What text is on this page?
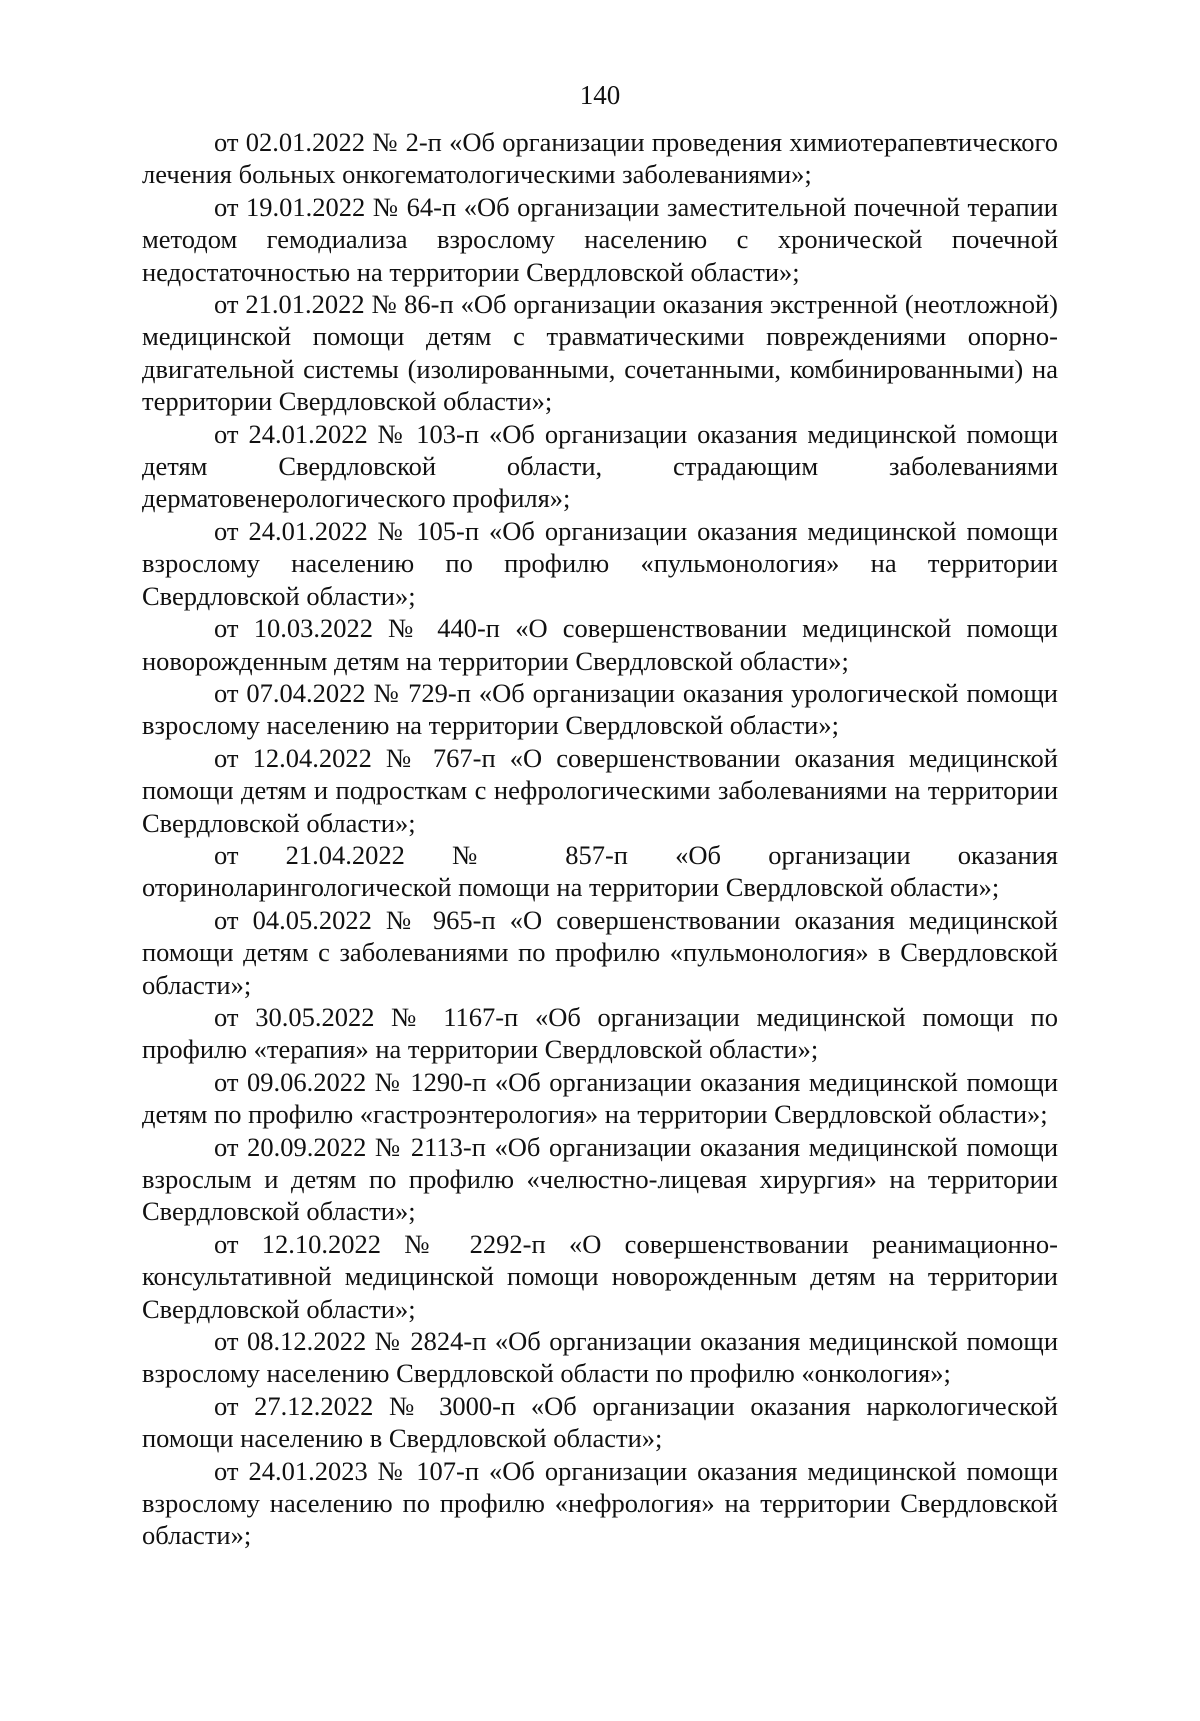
140

от 02.01.2022 № 2-п «Об организации проведения химиотерапевтического лечения больных онкогематологическими заболеваниями»;

от 19.01.2022 № 64-п «Об организации заместительной почечной терапии методом гемодиализа взрослому населению с хронической почечной недостаточностью на территории Свердловской области»;

от 21.01.2022 № 86-п «Об организации оказания экстренной (неотложной) медицинской помощи детям с травматическими повреждениями опорно-двигательной системы (изолированными, сочетанными, комбинированными) на территории Свердловской области»;

от 24.01.2022 № 103-п «Об организации оказания медицинской помощи детям Свердловской области, страдающим заболеваниями дерматовенерологического профиля»;

от 24.01.2022 № 105-п «Об организации оказания медицинской помощи взрослому населению по профилю «пульмонология» на территории Свердловской области»;

от 10.03.2022 № 440-п «О совершенствовании медицинской помощи новорожденным детям на территории Свердловской области»;

от 07.04.2022 № 729-п «Об организации оказания урологической помощи взрослому населению на территории Свердловской области»;

от 12.04.2022 № 767-п «О совершенствовании оказания медицинской помощи детям и подросткам с нефрологическими заболеваниями на территории Свердловской области»;

от 21.04.2022 № 857-п «Об организации оказания оториноларингологической помощи на территории Свердловской области»;

от 04.05.2022 № 965-п «О совершенствовании оказания медицинской помощи детям с заболеваниями по профилю «пульмонология» в Свердловской области»;

от 30.05.2022 № 1167-п «Об организации медицинской помощи по профилю «терапия» на территории Свердловской области»;

от 09.06.2022 № 1290-п «Об организации оказания медицинской помощи детям по профилю «гастроэнтерология» на территории Свердловской области»;

от 20.09.2022 № 2113-п «Об организации оказания медицинской помощи взрослым и детям по профилю «челюстно-лицевая хирургия» на территории Свердловской области»;

от 12.10.2022 № 2292-п «О совершенствовании реанимационно-консультативной медицинской помощи новорожденным детям на территории Свердловской области»;

от 08.12.2022 № 2824-п «Об организации оказания медицинской помощи взрослому населению Свердловской области по профилю «онкология»;

от 27.12.2022 № 3000-п «Об организации оказания наркологической помощи населению в Свердловской области»;

от 24.01.2023 № 107-п «Об организации оказания медицинской помощи взрослому населению по профилю «нефрология» на территории Свердловской области»;
